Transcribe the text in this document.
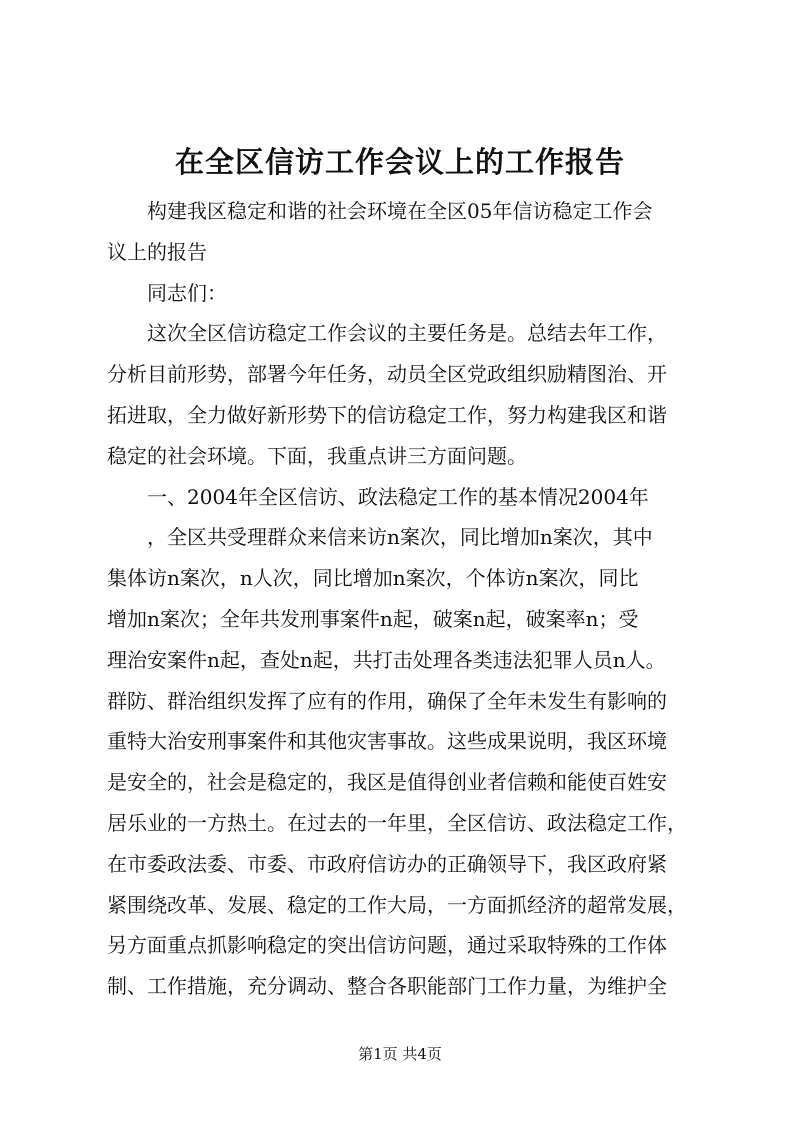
在全区信访工作会议上的工作报告
构建我区稳定和谐的社会环境在全区05年信访稳定工作会
议上的报告
同志们：
这次全区信访稳定工作会议的主要任务是。总结去年工作，
分析目前形势，部署今年任务，动员全区党政组织励精图治、开
拓进取，全力做好新形势下的信访稳定工作，努力构建我区和谐
稳定的社会环境。下面，我重点讲三方面问题。
一、2004年全区信访、政法稳定工作的基本情况2004年
，全区共受理群众来信来访n案次，同比增加n案次，其中
集体访n案次，n人次，同比增加n案次，个体访n案次，同比
增加n案次；全年共发刑事案件n起，破案n起，破案率n；受
理治安案件n起，查处n起，共打击处理各类违法犯罪人员n人。
群防、群治组织发挥了应有的作用，确保了全年未发生有影响的
重特大治安刑事案件和其他灾害事故。这些成果说明，我区环境
是安全的，社会是稳定的，我区是值得创业者信赖和能使百姓安
居乐业的一方热土。在过去的一年里，全区信访、政法稳定工作，
在市委政法委、市委、市政府信访办的正确领导下，我区政府紧
紧围绕改革、发展、稳定的工作大局，一方面抓经济的超常发展，
另方面重点抓影响稳定的突出信访问题，通过采取特殊的工作体
制、工作措施，充分调动、整合各职能部门工作力量，为维护全
第1页 共4页
